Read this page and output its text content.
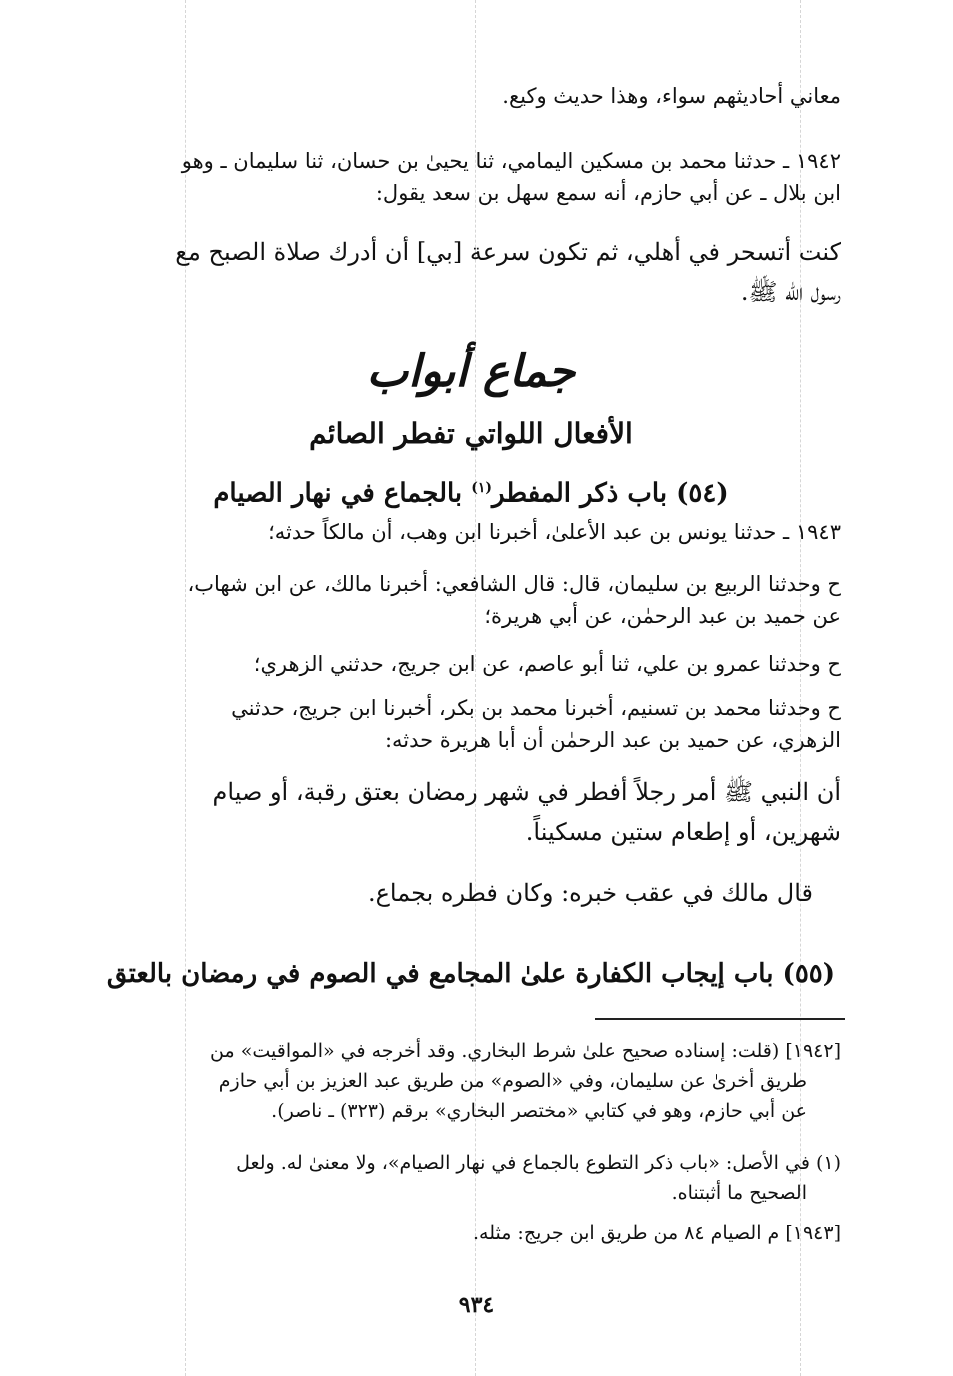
معاني أحاديثهم سواء، وهذا حديث وكيع.
١٩٤٢ ـ حدثنا محمد بن مسكين اليمامي، ثنا يحيىٰ بن حسان، ثنا سليمان ـ وهو
ابن بلال ـ عن أبي حازم، أنه سمع سهل بن سعد يقول:
كنت أتسحر في أهلي، ثم تكون سرعة [بي] أن أدرك صلاة الصبح مع
رسول الله ﷺ.
جماع أبواب
الأفعال اللواتي تفطر الصائم
(٥٤) باب ذكر المفطر$^{(١)}$ بالجماع في نهار الصيام
١٩٤٣ ـ حدثنا يونس بن عبد الأعلىٰ، أخبرنا ابن وهب، أن مالكاً حدثه؛
ح وحدثنا الربيع بن سليمان، قال: قال الشافعي: أخبرنا مالك، عن ابن شهاب،
عن حميد بن عبد الرحمٰن، عن أبي هريرة؛
ح وحدثنا عمرو بن علي، ثنا أبو عاصم، عن ابن جريج، حدثني الزهري؛
ح وحدثنا محمد بن تسنيم، أخبرنا محمد بن بكر، أخبرنا ابن جريج، حدثني
الزهري، عن حميد بن عبد الرحمٰن أن أبا هريرة حدثه:
أن النبي ﷺ أمر رجلاً أفطر في شهر رمضان بعتق رقبة، أو صيام
شهرين، أو إطعام ستين مسكيناً.
قال مالك في عقب خبره: وكان فطره بجماع.
(٥٥) باب إيجاب الكفارة علىٰ المجامع في الصوم في رمضان بالعتق
[١٩٤٢] (قلت: إسناده صحيح علىٰ شرط البخاري. وقد أخرجه في «المواقيت» من
طريق أخرىٰ عن سليمان، وفي «الصوم» من طريق عبد العزيز بن أبي حازم
عن أبي حازم، وهو في كتابي «مختصر البخاري» برقم (٣٢٣) ـ ناصر).
(١) في الأصل: «باب ذكر التطوع بالجماع في نهار الصيام»، ولا معنىٰ له. ولعل
الصحيح ما أثبتناه.
[١٩٤٣] م الصيام ٨٤ من طريق ابن جريج: مثله.
٩٣٤
